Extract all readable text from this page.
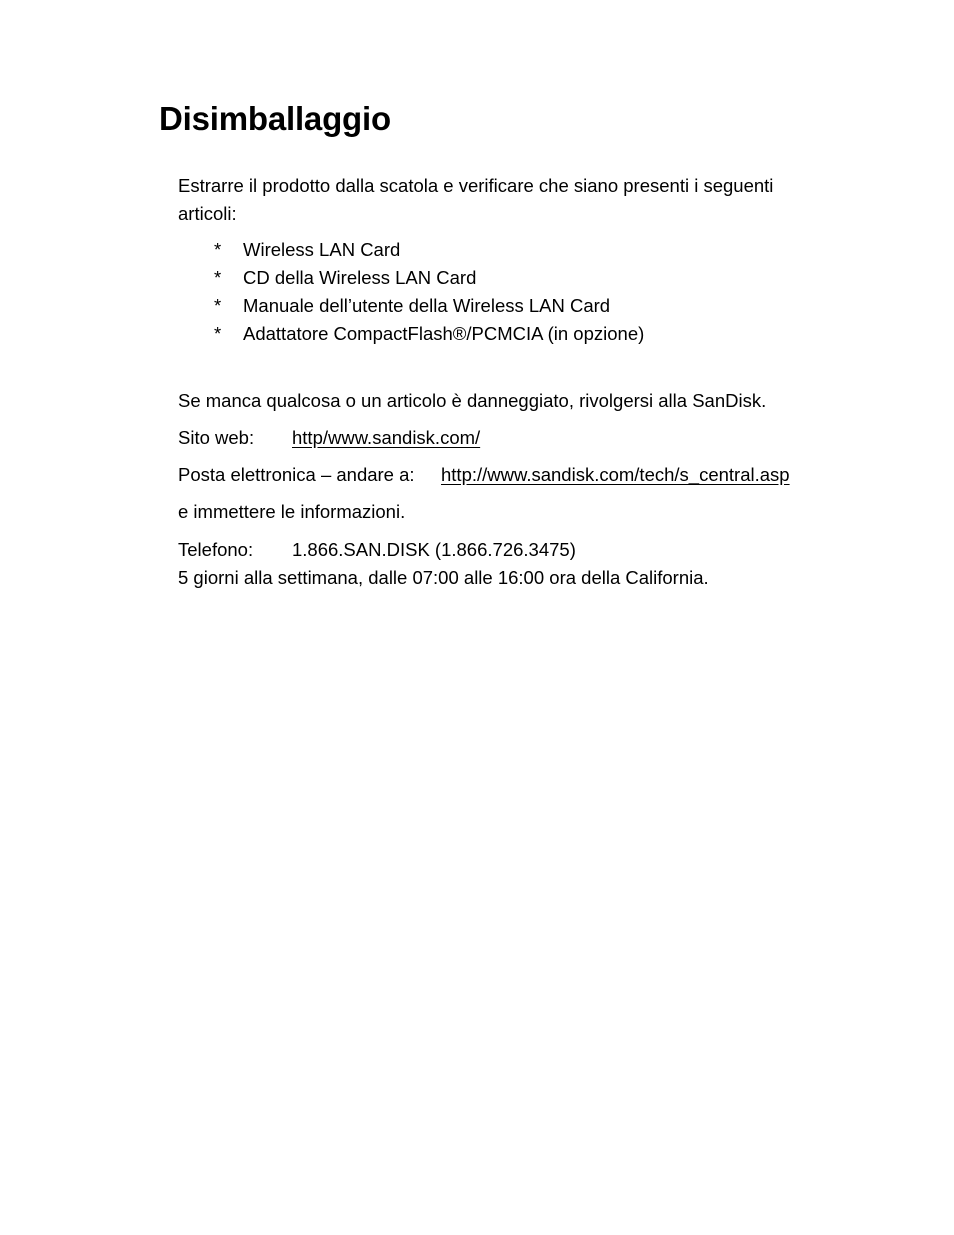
Disimballaggio

Estrarre il prodotto dalla scatola e verificare che siano presenti i seguenti articoli:

* Wireless LAN Card
* CD della Wireless LAN Card
* Manuale dell’utente della Wireless LAN Card
* Adattatore CompactFlash®/PCMCIA (in opzione)

Se manca qualcosa o un articolo è danneggiato, rivolgersi alla SanDisk.

Sito web: http/www.sandisk.com/

Posta elettronica – andare a: http://www.sandisk.com/tech/s_central.asp

e immettere le informazioni.

Telefono: 1.866.SAN.DISK (1.866.726.3475)

5 giorni alla settimana, dalle 07:00 alle 16:00 ora della California.
